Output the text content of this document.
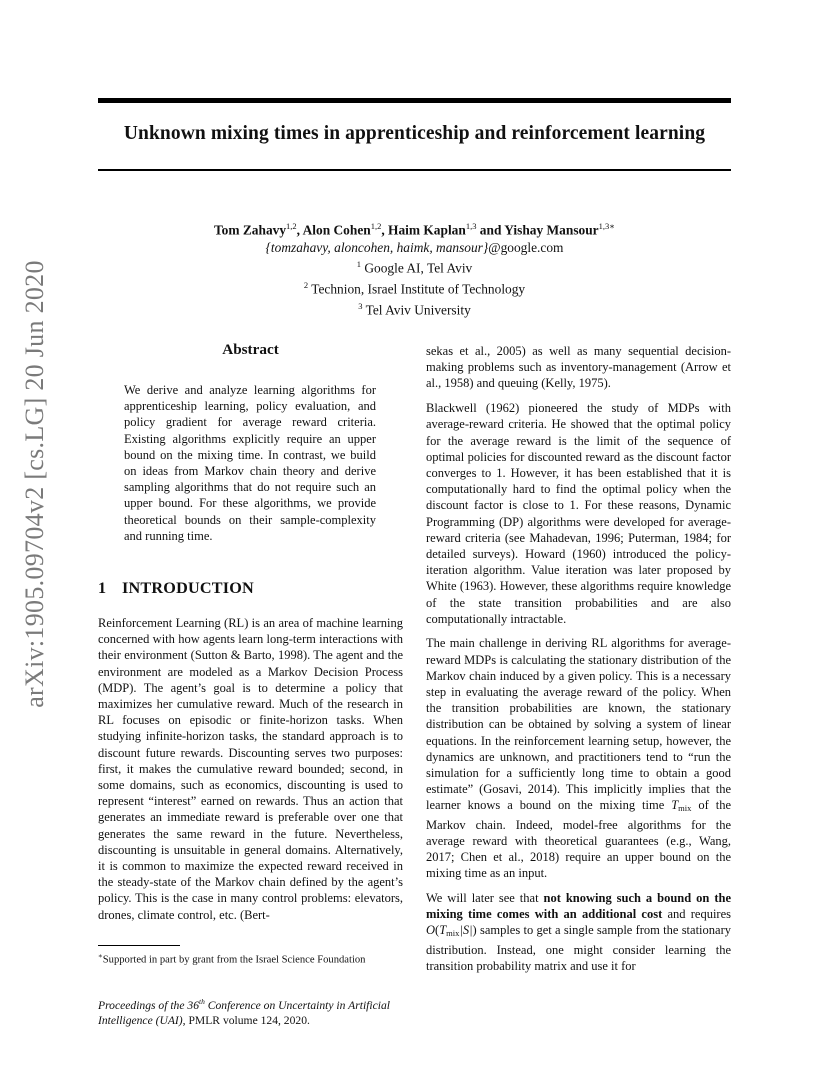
Unknown mixing times in apprenticeship and reinforcement learning
Tom Zahavy$^{1,2}$, Alon Cohen$^{1,2}$, Haim Kaplan$^{1,3}$ and Yishay Mansour$^{1,3∗}$
{tomzahavy, aloncohen, haimk, mansour}@google.com
$^1$ Google AI, Tel Aviv
$^2$ Technion, Israel Institute of Technology
$^3$ Tel Aviv University
arXiv:1905.09704v2 [cs.LG] 20 Jun 2020	Abstract
We derive and analyze learning algorithms for apprenticeship learning, policy evaluation, and policy gradient for average reward criteria. Existing algorithms explicitly require an upper bound on the mixing time. In contrast, we build on ideas from Markov chain theory and derive sampling algorithms that do not require such an upper bound. For these algorithms, we provide theoretical bounds on their sample-complexity and running time.
1 INTRODUCTION

Reinforcement Learning (RL) is an area of machine learning concerned with how agents learn long-term interactions with their environment (Sutton & Barto, 1998). The agent and the environment are modeled as a Markov Decision Process (MDP). The agent’s goal is to determine a policy that maximizes her cumulative reward. Much of the research in RL focuses on episodic or finite-horizon tasks. When studying infinite-horizon tasks, the standard approach is to discount future rewards. Discounting serves two purposes: first, it makes the cumulative reward bounded; second, in some domains, such as economics, discounting is used to represent “interest” earned on rewards. Thus an action that generates an immediate reward is preferable over one that generates the same reward in the future. Nevertheless, discounting is unsuitable in general domains. Alternatively, it is common to maximize the expected reward received in the steady-state of the Markov chain defined by the agent’s policy. This is the case in many control problems: elevators, drones, climate control, etc. (Bert-

sekas et al., 2005) as well as many sequential decision-making problems such as inventory-management (Arrow et al., 1958) and queuing (Kelly, 1975).

Blackwell (1962) pioneered the study of MDPs with average-reward criteria. He showed that the optimal policy for the average reward is the limit of the sequence of optimal policies for discounted reward as the discount factor converges to 1. However, it has been established that it is computationally hard to find the optimal policy when the discount factor is close to 1. For these reasons, Dynamic Programming (DP) algorithms were developed for average-reward criteria (see Mahadevan, 1996; Puterman, 1984; for detailed surveys). Howard (1960) introduced the policy-iteration algorithm. Value iteration was later proposed by White (1963). However, these algorithms require knowledge of the state transition probabilities and are also computationally intractable.

The main challenge in deriving RL algorithms for average-reward MDPs is calculating the stationary distribution of the Markov chain induced by a given policy. This is a necessary step in evaluating the average reward of the policy. When the transition probabilities are known, the stationary distribution can be obtained by solving a system of linear equations. In the reinforcement learning setup, however, the dynamics are unknown, and practitioners tend to “run the simulation for a sufficiently long time to obtain a good estimate” (Gosavi, 2014). This implicitly implies that the learner knows a bound on the mixing time $T_{mix}$ of the Markov chain. Indeed, model-free algorithms for the average reward with theoretical guarantees (e.g., Wang, 2017; Chen et al., 2018) require an upper bound on the mixing time as an input.

We will later see that not knowing such a bound on the mixing time comes with an additional cost and requires $O(T_{mix}|S|)$ samples to get a single sample from the stationary distribution. Instead, one might consider learning the transition probability matrix and use it for

∗Supported in part by grant from the Israel Science Foundation
Proceedings of the 36th Conference on Uncertainty in Artificial Intelligence (UAI), PMLR volume 124, 2020.
